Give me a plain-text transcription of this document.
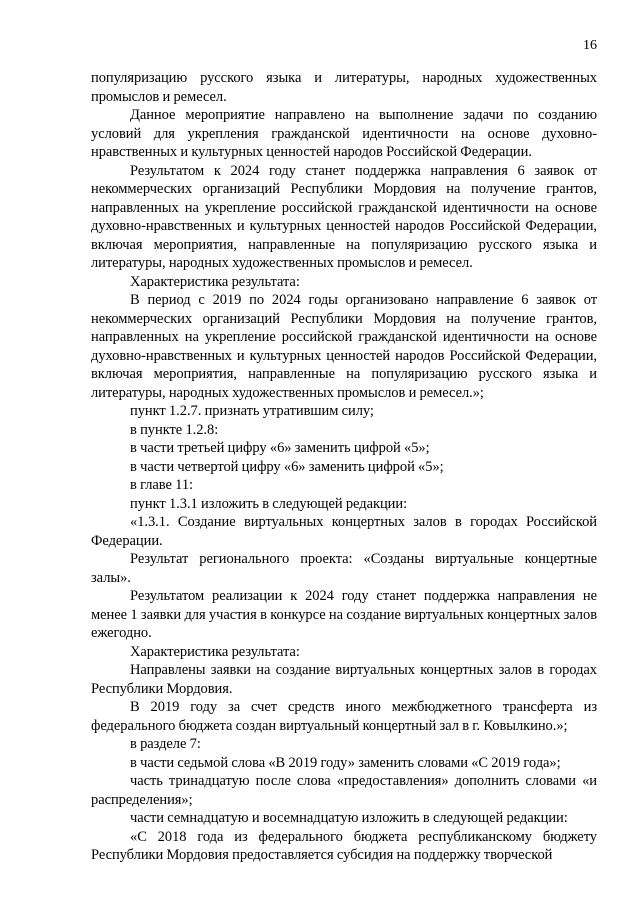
16

популяризацию русского языка и литературы, народных художественных промыслов и ремесел.

Данное мероприятие направлено на выполнение задачи по созданию условий для укрепления гражданской идентичности на основе духовно-нравственных и культурных ценностей народов Российской Федерации.

Результатом к 2024 году станет поддержка направления 6 заявок от некоммерческих организаций Республики Мордовия на получение грантов, направленных на укрепление российской гражданской идентичности на основе духовно-нравственных и культурных ценностей народов Российской Федерации, включая мероприятия, направленные на популяризацию русского языка и литературы, народных художественных промыслов и ремесел.

Характеристика результата:

В период с 2019 по 2024 годы организовано направление 6 заявок от некоммерческих организаций Республики Мордовия на получение грантов, направленных на укрепление российской гражданской идентичности на основе духовно-нравственных и культурных ценностей народов Российской Федерации, включая мероприятия, направленные на популяризацию русского языка и литературы, народных художественных промыслов и ремесел.»;

пункт 1.2.7. признать утратившим силу;

в пункте 1.2.8:

в части третьей цифру «6» заменить цифрой «5»;

в части четвертой цифру «6» заменить цифрой «5»;

в главе 11:

пункт 1.3.1 изложить в следующей редакции:

«1.3.1. Создание виртуальных концертных залов в городах Российской Федерации.

Результат регионального проекта: «Созданы виртуальные концертные залы».

Результатом реализации к 2024 году станет поддержка направления не менее 1 заявки для участия в конкурсе на создание виртуальных концертных залов ежегодно.

Характеристика результата:

Направлены заявки на создание виртуальных концертных залов в городах Республики Мордовия.

В 2019 году за счет средств иного межбюджетного трансферта из федерального бюджета создан виртуальный концертный зал в г. Ковылкино.»;

в разделе 7:

в части седьмой слова «В 2019 году» заменить словами «С 2019 года»;

часть тринадцатую после слова «предоставления» дополнить словами «и распределения»;

части семнадцатую и восемнадцатую изложить в следующей редакции:

«С 2018 года из федерального бюджета республиканскому бюджету Республики Мордовия предоставляется субсидия на поддержку творческой
